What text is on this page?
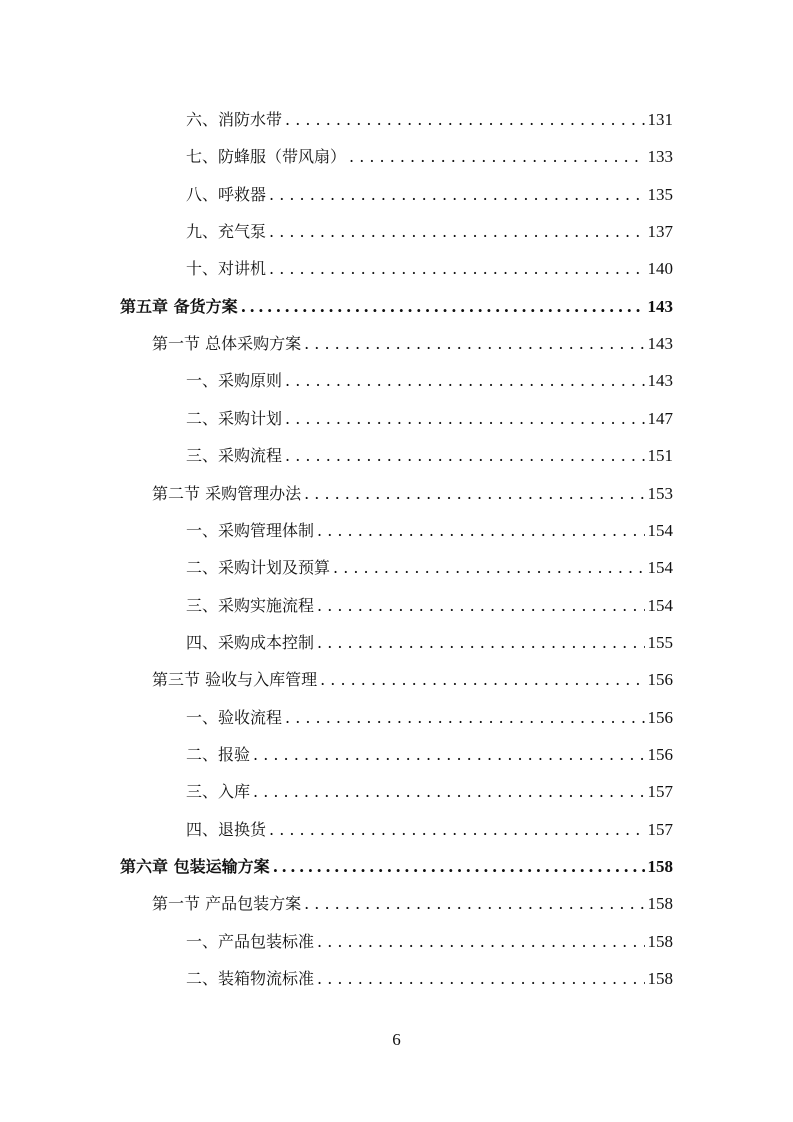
六、消防水带 . . .	131
七、防蜂服（带风扇） . . .	133
八、呼救器 . . .	135
九、充气泵 . . .	137
十、对讲机 . . .	140
第五章 备货方案 .....	143
第一节 总体采购方案 . . .	143
一、采购原则 . . .	143
二、采购计划 . . .	147
三、采购流程 . . .	151
第二节 采购管理办法 . . .	153
一、采购管理体制 . . .	154
二、采购计划及预算 . . .	154
三、采购实施流程 . . .	154
四、采购成本控制 . . .	155
第三节 验收与入库管理 . . .	156
一、验收流程 . . .	156
二、报验 . . .	156
三、入库 . . .	157
四、退换货 . . .	157
第六章 包装运输方案 .....	158
第一节 产品包装方案 . . .	158
一、产品包装标准 . . .	158
二、装箱物流标准 . . .	158
6
